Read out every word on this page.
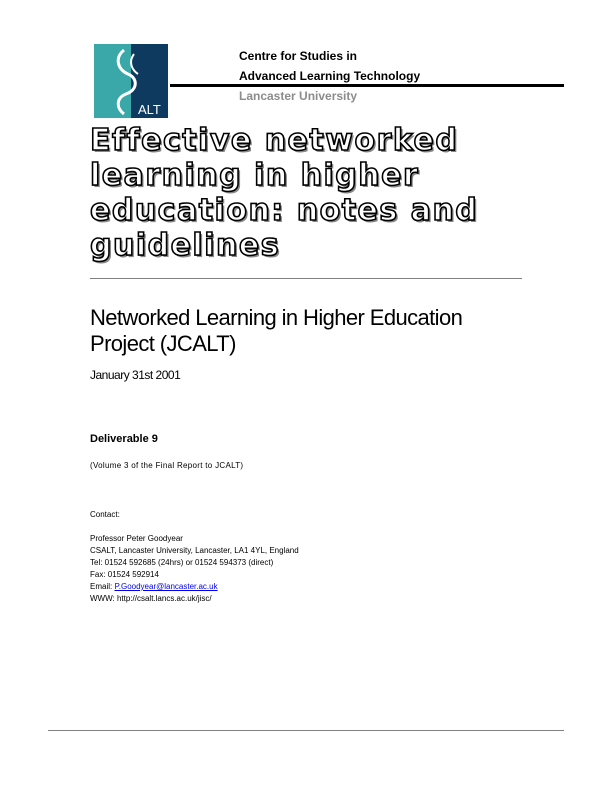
ALT
Centre for Studies in
Advanced Learning Technology
Lancaster University
Effective networked
learning in higher
education: notes and
guidelines
Networked Learning in Higher Education
Project (JCALT)
January 31st 2001
Deliverable 9
(Volume 3 of the Final Report to JCALT)
Contact:
Professor Peter Goodyear
CSALT, Lancaster University, Lancaster, LA1 4YL, England
Tel: 01524 592685 (24hrs) or 01524 594373 (direct)
Fax: 01524 592914
Email: P.Goodyear@lancaster.ac.uk
WWW: http://csalt.lancs.ac.uk/jisc/
